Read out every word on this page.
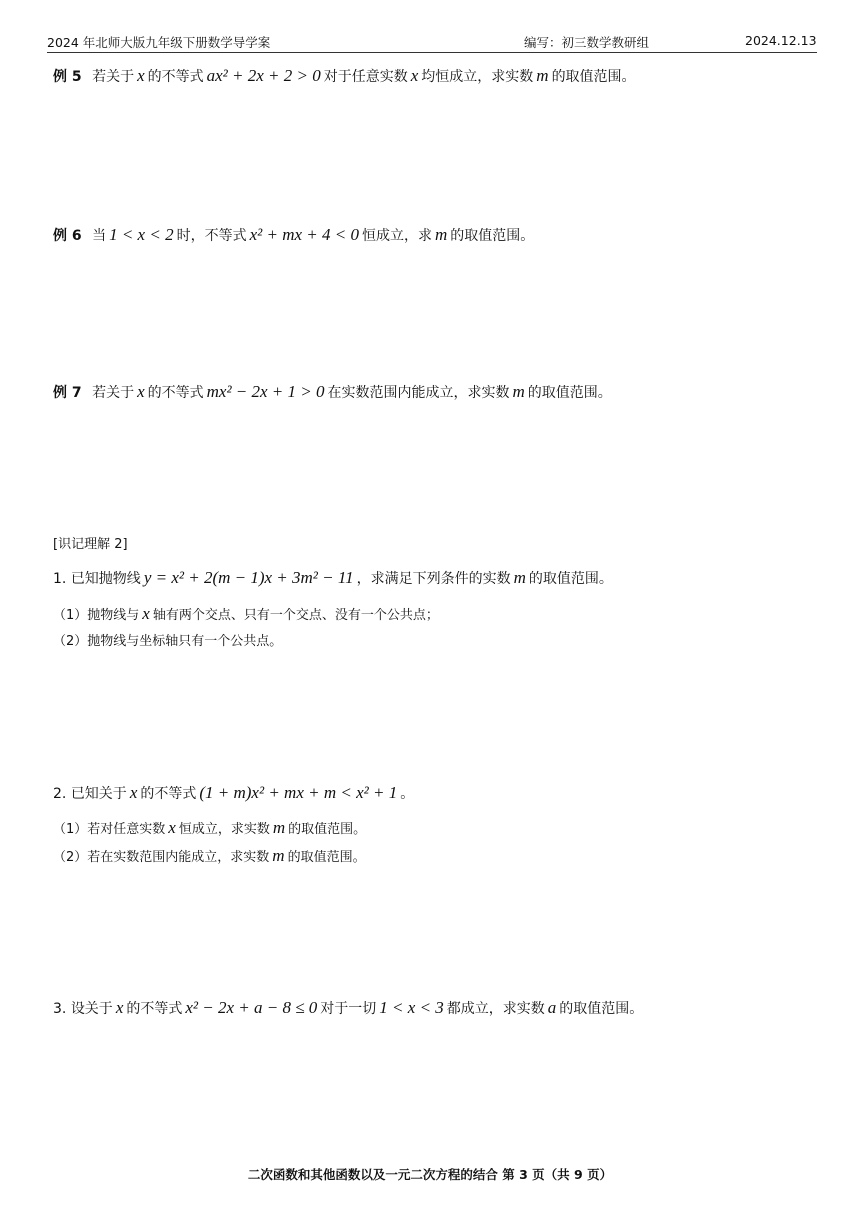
2024 年北师大版九年级下册数学导学案	编写：初三数学教研组	2024.12.13
例 5 若关于 x 的不等式 ax² + 2x + 2 > 0 对于任意实数 x 均恒成立，求实数 m 的取值范围。
例 6 当 1 < x < 2 时，不等式 x² + mx + 4 < 0 恒成立，求 m 的取值范围。
例 7 若关于 x 的不等式 mx² − 2x + 1 > 0 在实数范围内能成立，求实数 m 的取值范围。
[识记理解 2]
1. 已知抛物线 y = x² + 2(m − 1)x + 3m² − 11 ，求满足下列条件的实数 m 的取值范围。
（1）抛物线与 x 轴有两个交点、只有一个交点、没有一个公共点；
（2）抛物线与坐标轴只有一个公共点。
2. 已知关于 x 的不等式 (1 + m)x² + mx + m < x² + 1 。
（1）若对任意实数 x 恒成立，求实数 m 的取值范围。
（2）若在实数范围内能成立，求实数 m 的取值范围。
3. 设关于 x 的不等式 x² − 2x + a − 8 ≤ 0 对于一切 1 < x < 3 都成立，求实数 a 的取值范围。
二次函数和其他函数以及一元二次方程的结合 第 3 页（共 9 页）
